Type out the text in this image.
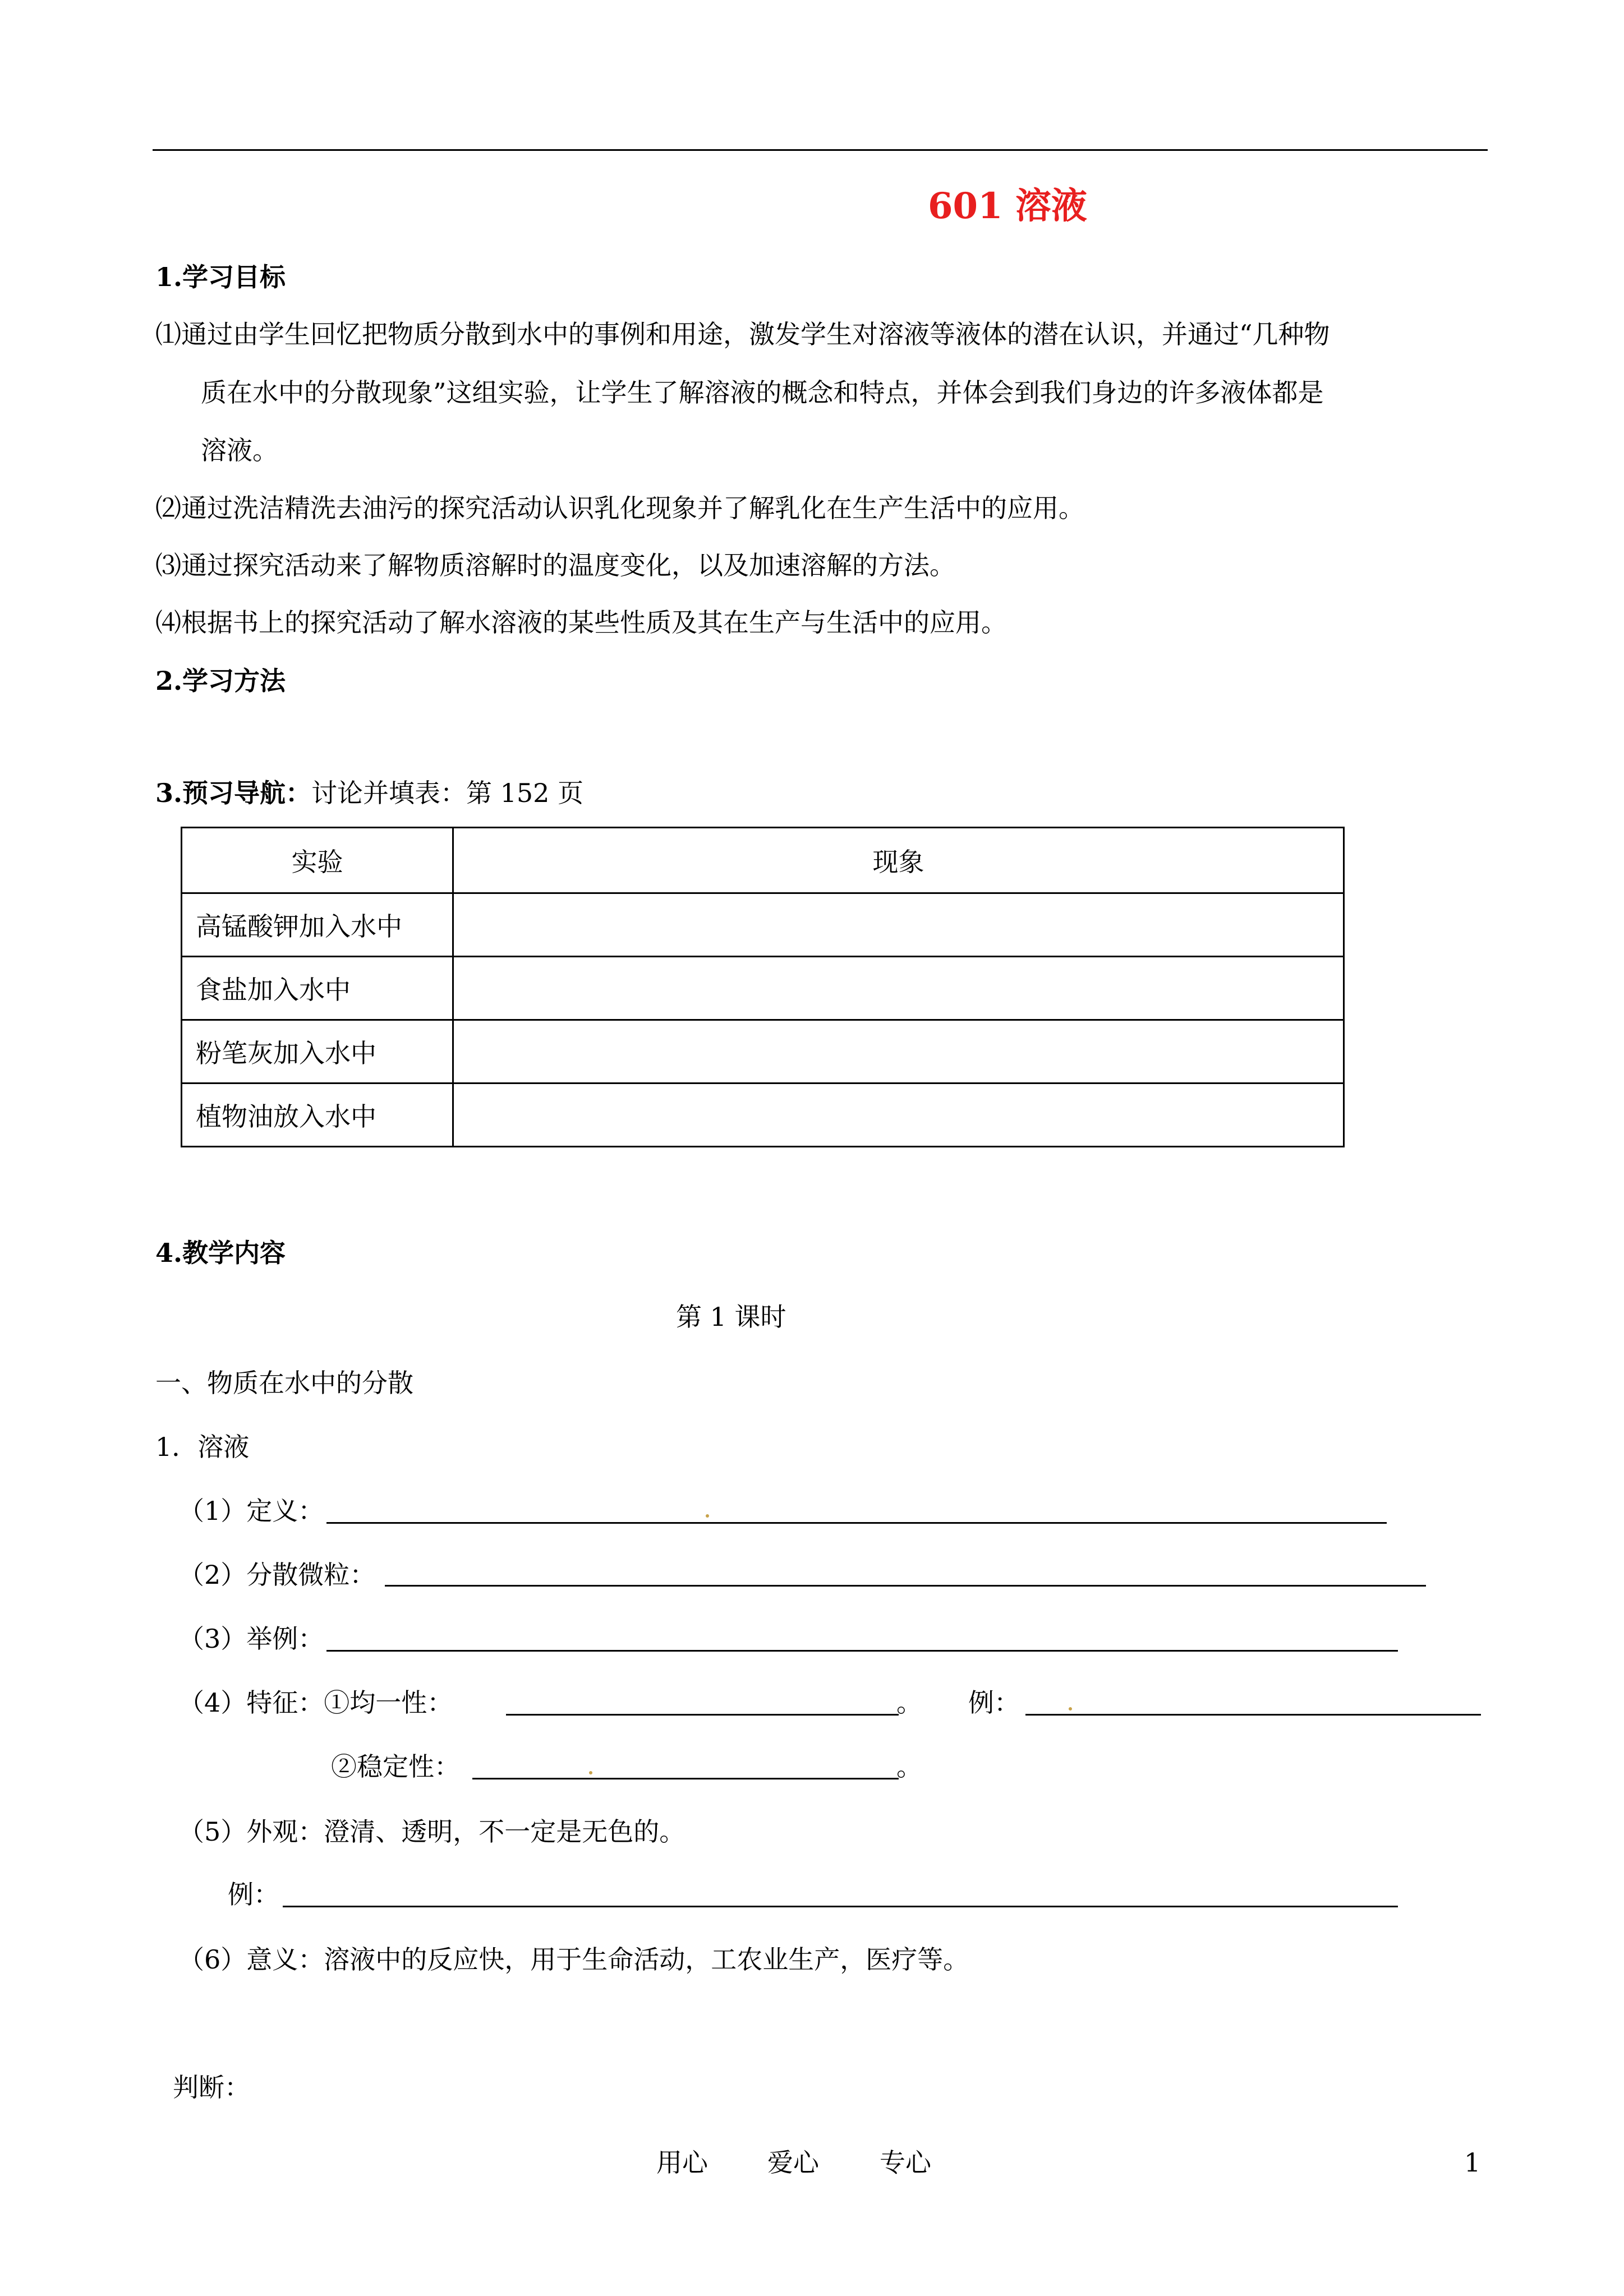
601 溶液
1.学习目标
⑴通过由学生回忆把物质分散到水中的事例和用途，激发学生对溶液等液体的潜在认识，并通过“几种物
质在水中的分散现象”这组实验，让学生了解溶液的概念和特点，并体会到我们身边的许多液体都是
溶液。
⑵通过洗洁精洗去油污的探究活动认识乳化现象并了解乳化在生产生活中的应用。
⑶通过探究活动来了解物质溶解时的温度变化，以及加速溶解的方法。
⑷根据书上的探究活动了解水溶液的某些性质及其在生产与生活中的应用。
2.学习方法
3.预习导航：讨论并填表：第 152 页
实验	现象
高锰酸钾加入水中	
食盐加入水中	
粉笔灰加入水中	
植物油放入水中	
4.教学内容
第 1 课时
一、物质在水中的分散
1．溶液
（1）定义：
（2）分散微粒：
（3）举例：
（4）特征：①均一性：	。 例：
②稳定性：	。
（5）外观：澄清、透明，不一定是无色的。
例：
（6）意义：溶液中的反应快，用于生命活动，工农业生产，医疗等。
判断：
用心 爱心 专心	1
